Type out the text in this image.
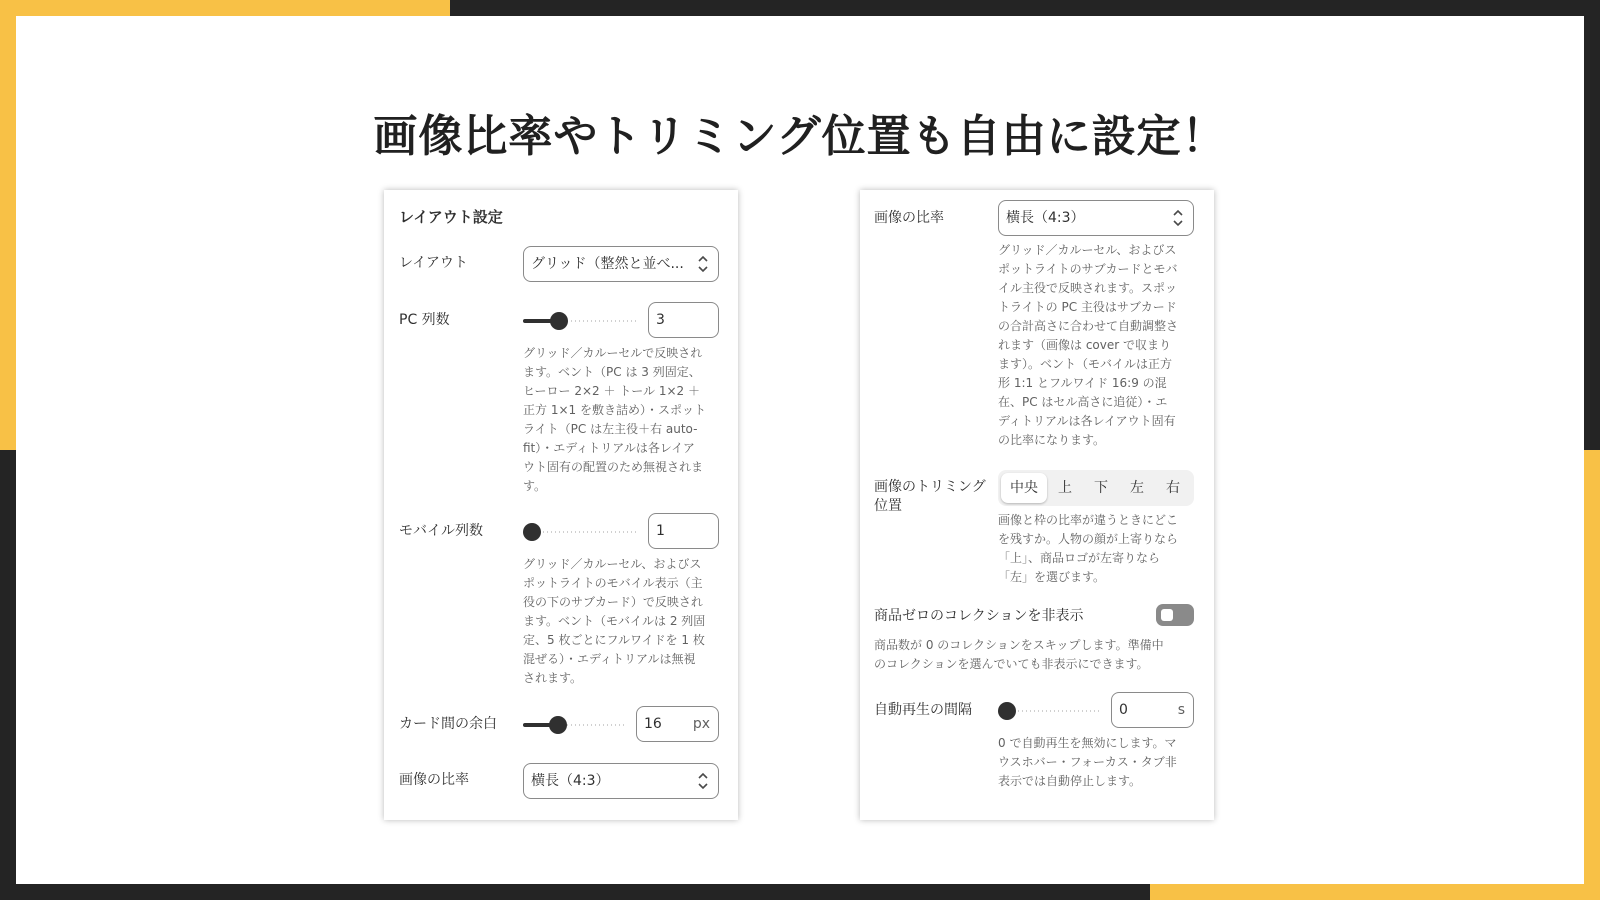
画像比率やトリミング位置も自由に設定！
レイアウト設定
レイアウト	グリッド（整然と並べ...
PC 列数	3
グリッド／カルーセルで反映され
ます。ベント（PC は 3 列固定、
ヒーロー 2×2 ＋ トール 1×2 ＋
正方 1×1 を敷き詰め）・スポット
ライト（PC は左主役＋右 auto-
fit）・エディトリアルは各レイア
ウト固有の配置のため無視されま
す。
モバイル列数	1
グリッド／カルーセル、およびス
ポットライトのモバイル表示（主
役の下のサブカード）で反映され
ます。ベント（モバイルは 2 列固
定、5 枚ごとにフルワイドを 1 枚
混ぜる）・エディトリアルは無視
されます。
カード間の余白	16 px
画像の比率	横長（4:3）
画像の比率	横長（4:3）
グリッド／カルーセル、およびス
ポットライトのサブカードとモバ
イル主役で反映されます。スポッ
トライトの PC 主役はサブカード
の合計高さに合わせて自動調整さ
れます（画像は cover で収まり
ます）。ベント（モバイルは正方
形 1:1 とフルワイド 16:9 の混
在、PC はセル高さに追従）・エ
ディトリアルは各レイアウト固有
の比率になります。
画像のトリミング
位置
中央	上	下	左	右
画像と枠の比率が違うときにどこ
を残すか。人物の顔が上寄りなら
「上」、商品ロゴが左寄りなら
「左」を選びます。
商品ゼロのコレクションを非表示
商品数が 0 のコレクションをスキップします。準備中
のコレクションを選んでいても非表示にできます。
自動再生の間隔	0	s
0 で自動再生を無効にします。マ
ウスホバー・フォーカス・タブ非
表示では自動停止します。
